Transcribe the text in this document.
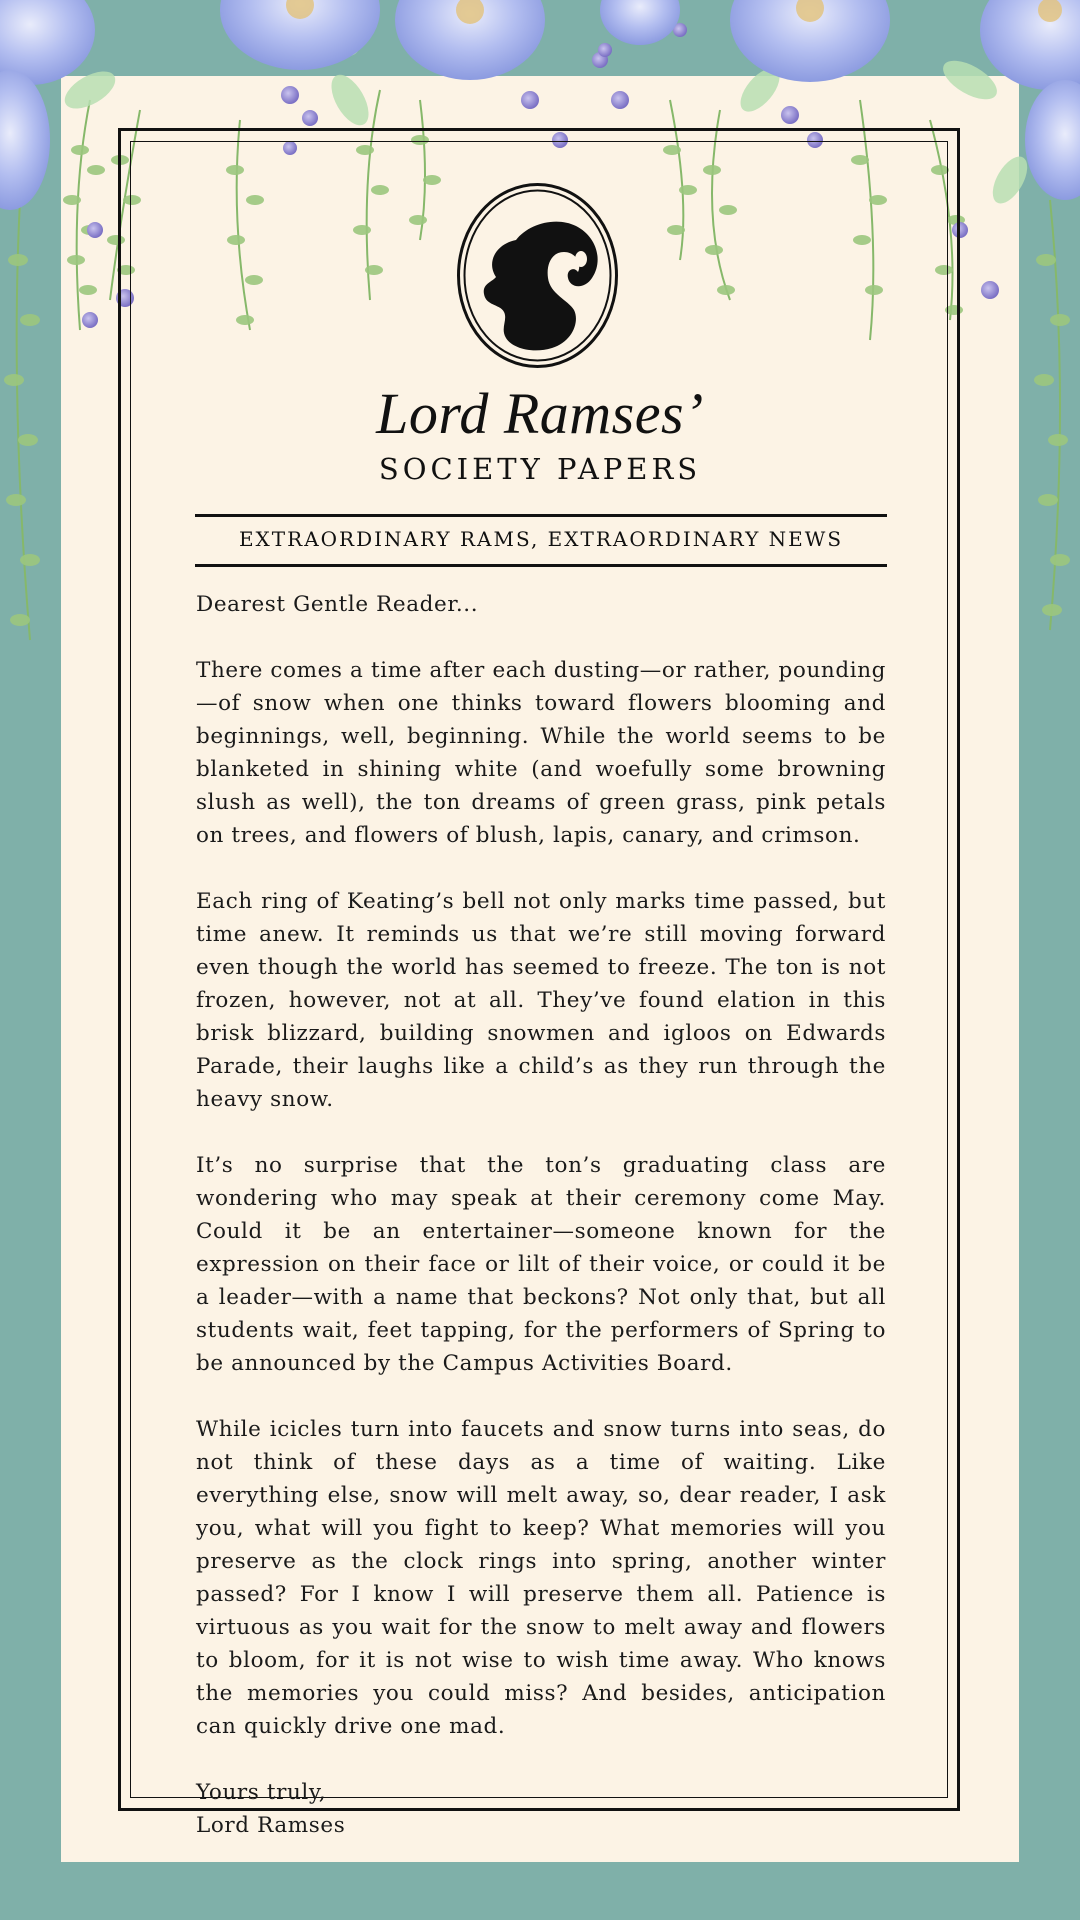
Lord Ramses’
SOCIETY PAPERS
EXTRAORDINARY RAMS, EXTRAORDINARY NEWS

Dearest Gentle Reader...

There comes a time after each dusting—or rather, pounding—of snow when one thinks toward flowers blooming and beginnings, well, beginning. While the world seems to be blanketed in shining white (and woefully some browning slush as well), the ton dreams of green grass, pink petals on trees, and flowers of blush, lapis, canary, and crimson.

Each ring of Keating’s bell not only marks time passed, but time anew. It reminds us that we’re still moving forward even though the world has seemed to freeze. The ton is not frozen, however, not at all. They’ve found elation in this brisk blizzard, building snowmen and igloos on Edwards Parade, their laughs like a child’s as they run through the heavy snow.

It’s no surprise that the ton’s graduating class are wondering who may speak at their ceremony come May. Could it be an entertainer—someone known for the expression on their face or lilt of their voice, or could it be a leader—with a name that beckons? Not only that, but all students wait, feet tapping, for the performers of Spring to be announced by the Campus Activities Board.

While icicles turn into faucets and snow turns into seas, do not think of these days as a time of waiting. Like everything else, snow will melt away, so, dear reader, I ask you, what will you fight to keep? What memories will you preserve as the clock rings into spring, another winter passed? For I know I will preserve them all. Patience is virtuous as you wait for the snow to melt away and flowers to bloom, for it is not wise to wish time away. Who knows the memories you could miss? And besides, anticipation can quickly drive one mad.

Yours truly,

Lord Ramses
